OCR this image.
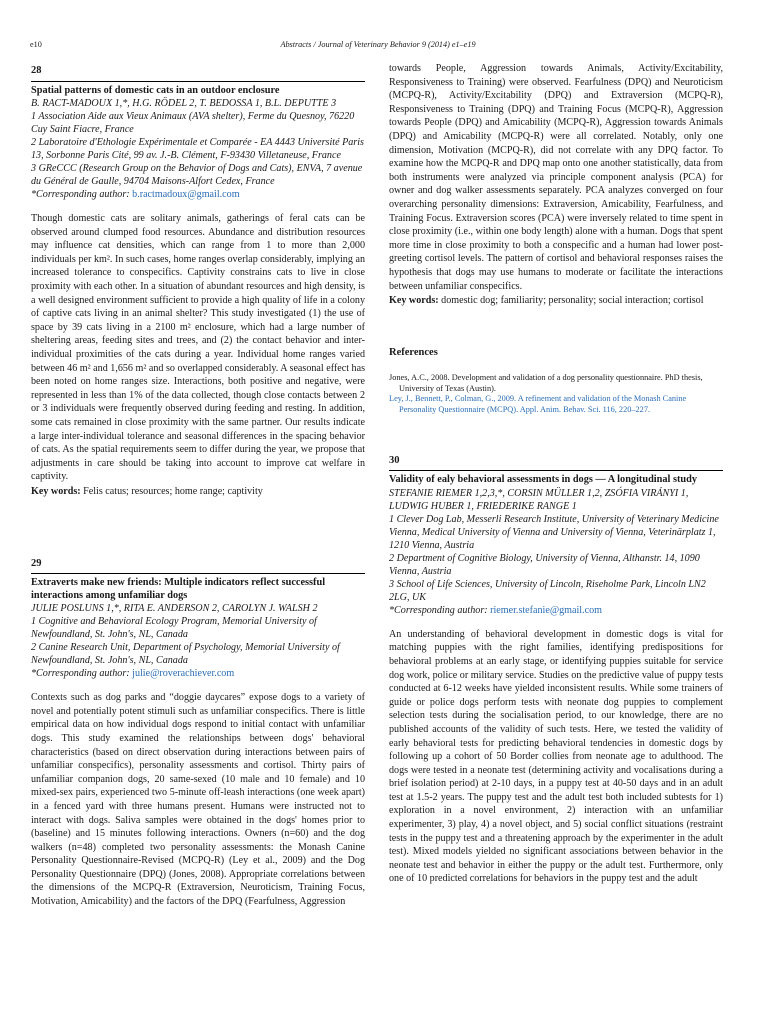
e10	Abstracts / Journal of Veterinary Behavior 9 (2014) e1–e19
28
Spatial patterns of domestic cats in an outdoor enclosure
B. RACT-MADOUX 1,*, H.G. RÖDEL 2, T. BEDOSSA 1, B.L. DEPUTTE 3
1 Association Aide aux Vieux Animaux (AVA shelter), Ferme du Quesnoy, 76220 Cuy Saint Fiacre, France
2 Laboratoire d'Ethologie Expérimentale et Comparée - EA 4443 Université Paris 13, Sorbonne Paris Cité, 99 av. J.-B. Clément, F-93430 Villetaneuse, France
3 GReCCC (Research Group on the Behavior of Dogs and Cats), ENVA, 7 avenue du Général de Gaulle, 94704 Maisons-Alfort Cedex, France
*Corresponding author: b.ractmadoux@gmail.com
Though domestic cats are solitary animals, gatherings of feral cats can be observed around clumped food resources. Abundance and distribution resources may influence cat densities, which can range from 1 to more than 2,000 individuals per km². In such cases, home ranges overlap considerably, implying an increased tolerance to conspecifics. Captivity constrains cats to live in close proximity with each other. In a situation of abundant resources and high density, is a well designed environment sufficient to provide a high quality of life in a colony of captive cats living in an animal shelter? This study investigated (1) the use of space by 39 cats living in a 2100 m² enclosure, which had a large number of sheltering areas, feeding sites and trees, and (2) the contact behavior and inter-individual proximities of the cats during a year. Individual home ranges varied between 46 m² and 1,656 m² and so overlapped considerably. A seasonal effect has been noted on home ranges size. Interactions, both positive and negative, were represented in less than 1% of the data collected, though close contacts between 2 or 3 individuals were frequently observed during feeding and resting. In addition, some cats remained in close proximity with the same partner. Our results indicate a large inter-individual tolerance and seasonal differences in the spacing behavior of cats. As the spatial requirements seem to differ during the year, we propose that adjustments in care should be taking into account to improve cat welfare in captivity.
Key words: Felis catus; resources; home range; captivity
29
Extraverts make new friends: Multiple indicators reflect successful interactions among unfamiliar dogs
JULIE POSLUNS 1,*, RITA E. ANDERSON 2, CAROLYN J. WALSH 2
1 Cognitive and Behavioral Ecology Program, Memorial University of Newfoundland, St. John's, NL, Canada
2 Canine Research Unit, Department of Psychology, Memorial University of Newfoundland, St. John's, NL, Canada
*Corresponding author: julie@roverachiever.com
Contexts such as dog parks and “doggie daycares” expose dogs to a variety of novel and potentially potent stimuli such as unfamiliar conspecifics. There is little empirical data on how individual dogs respond to initial contact with unfamiliar dogs. This study examined the relationships between dogs' behavioral characteristics (based on direct observation during interactions between pairs of unfamiliar conspecifics), personality assessments and cortisol. Thirty pairs of unfamiliar companion dogs, 20 same-sexed (10 male and 10 female) and 10 mixed-sex pairs, experienced two 5-minute off-leash interactions (one week apart) in a fenced yard with three humans present. Humans were instructed not to interact with dogs. Saliva samples were obtained in the dogs' homes prior to (baseline) and 15 minutes following interactions. Owners (n=60) and the dog walkers (n=48) completed two personality assessments: the Monash Canine Personality Questionnaire-Revised (MCPQ-R) (Ley et al., 2009) and the Dog Personality Questionnaire (DPQ) (Jones, 2008). Appropriate correlations between the dimensions of the MCPQ-R (Extraversion, Neuroticism, Training Focus, Motivation, Amicability) and the factors of the DPQ (Fearfulness, Aggression
towards People, Aggression towards Animals, Activity/Excitability, Responsiveness to Training) were observed. Fearfulness (DPQ) and Neuroticism (MCPQ-R), Activity/Excitability (DPQ) and Extraversion (MCPQ-R), Responsiveness to Training (DPQ) and Training Focus (MCPQ-R), Aggression towards People (DPQ) and Amicability (MCPQ-R), Aggression towards Animals (DPQ) and Amicability (MCPQ-R) were all correlated. Notably, only one dimension, Motivation (MCPQ-R), did not correlate with any DPQ factor. To examine how the MCPQ-R and DPQ map onto one another statistically, data from both instruments were analyzed via principle component analysis (PCA) for owner and dog walker assessments separately. PCA analyzes converged on four overarching personality dimensions: Extraversion, Amicability, Fearfulness, and Training Focus. Extraversion scores (PCA) were inversely related to time spent in close proximity (i.e., within one body length) alone with a human. Dogs that spent more time in close proximity to both a conspecific and a human had lower post-greeting cortisol levels. The pattern of cortisol and behavioral responses raises the hypothesis that dogs may use humans to moderate or facilitate the interactions between unfamiliar conspecifics.
Key words: domestic dog; familiarity; personality; social interaction; cortisol
References
Jones, A.C., 2008. Development and validation of a dog personality questionnaire. PhD thesis, University of Texas (Austin).
Ley, J., Bennett, P., Colman, G., 2009. A refinement and validation of the Monash Canine Personality Questionnaire (MCPQ). Appl. Anim. Behav. Sci. 116, 220–227.
30
Validity of ealy behavioral assessments in dogs — A longitudinal study
STEFANIE RIEMER 1,2,3,*, CORSIN MÜLLER 1,2, ZSÓFIA VIRÁNYI 1, LUDWIG HUBER 1, FRIEDERIKE RANGE 1
1 Clever Dog Lab, Messerli Research Institute, University of Veterinary Medicine Vienna, Medical University of Vienna and University of Vienna, Veterinärplatz 1, 1210 Vienna, Austria
2 Department of Cognitive Biology, University of Vienna, Althanstr. 14, 1090 Vienna, Austria
3 School of Life Sciences, University of Lincoln, Riseholme Park, Lincoln LN2 2LG, UK
*Corresponding author: riemer.stefanie@gmail.com
An understanding of behavioral development in domestic dogs is vital for matching puppies with the right families, identifying predispositions for behavioral problems at an early stage, or identifying puppies suitable for service dog work, police or military service. Studies on the predictive value of puppy tests conducted at 6-12 weeks have yielded inconsistent results. While some trainers of guide or police dogs perform tests with neonate dog puppies to complement selection tests during the socialisation period, to our knowledge, there are no published accounts of the validity of such tests. Here, we tested the validity of early behavioral tests for predicting behavioral tendencies in domestic dogs by following up a cohort of 50 Border collies from neonate age to adulthood. The dogs were tested in a neonate test (determining activity and vocalisations during a brief isolation period) at 2-10 days, in a puppy test at 40-50 days and in an adult test at 1.5-2 years. The puppy test and the adult test both included subtests for 1) exploration in a novel environment, 2) interaction with an unfamiliar experimenter, 3) play, 4) a novel object, and 5) social conflict situations (restraint tests in the puppy test and a threatening approach by the experimenter in the adult test). Mixed models yielded no significant associations between behavior in the neonate test and behavior in either the puppy or the adult test. Furthermore, only one of 10 predicted correlations for behaviors in the puppy test and the adult
